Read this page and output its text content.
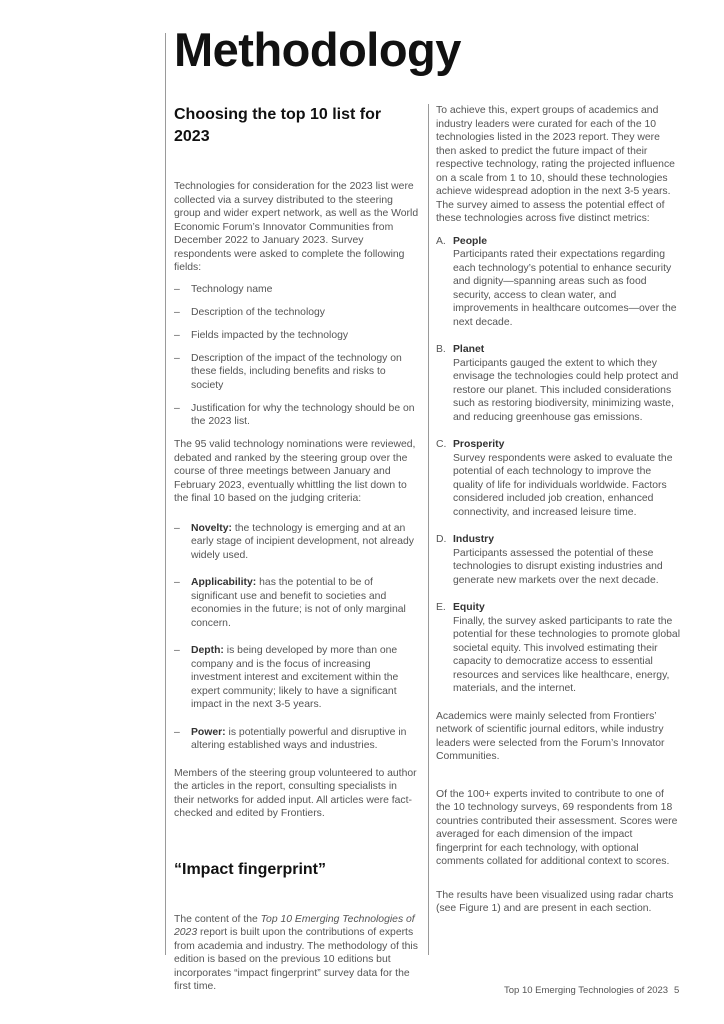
Methodology
Choosing the top 10 list for 2023

Technologies for consideration for the 2023 list were collected via a survey distributed to the steering group and wider expert network, as well as the World Economic Forum’s Innovator Communities from December 2022 to January 2023. Survey respondents were asked to complete the following fields:

– Technology name
– Description of the technology
– Fields impacted by the technology
– Description of the impact of the technology on these fields, including benefits and risks to society
– Justification for why the technology should be on the 2023 list.

The 95 valid technology nominations were reviewed, debated and ranked by the steering group over the course of three meetings between January and February 2023, eventually whittling the list down to the final 10 based on the judging criteria:

– Novelty: the technology is emerging and at an early stage of incipient development, not already widely used.
– Applicability: has the potential to be of significant use and benefit to societies and economies in the future; is not of only marginal concern.
– Depth: is being developed by more than one company and is the focus of increasing investment interest and excitement within the expert community; likely to have a significant impact in the next 3-5 years.
– Power: is potentially powerful and disruptive in altering established ways and industries.

Members of the steering group volunteered to author the articles in the report, consulting specialists in their networks for added input. All articles were fact-checked and edited by Frontiers.

“Impact fingerprint”

The content of the Top 10 Emerging Technologies of 2023 report is built upon the contributions of experts from academia and industry. The methodology of this edition is based on the previous 10 editions but incorporates “impact fingerprint” survey data for the first time.

To achieve this, expert groups of academics and industry leaders were curated for each of the 10 technologies listed in the 2023 report. They were then asked to predict the future impact of their respective technology, rating the projected influence on a scale from 1 to 10, should these technologies achieve widespread adoption in the next 3-5 years. The survey aimed to assess the potential effect of these technologies across five distinct metrics:

A. People

Participants rated their expectations regarding each technology’s potential to enhance security and dignity—spanning areas such as food security, access to clean water, and improvements in healthcare outcomes—over the next decade.

B. Planet

Participants gauged the extent to which they envisage the technologies could help protect and restore our planet. This included considerations such as restoring biodiversity, minimizing waste, and reducing greenhouse gas emissions.

C. Prosperity

Survey respondents were asked to evaluate the potential of each technology to improve the quality of life for individuals worldwide. Factors considered included job creation, enhanced connectivity, and increased leisure time.

D. Industry

Participants assessed the potential of these technologies to disrupt existing industries and generate new markets over the next decade.

E. Equity

Finally, the survey asked participants to rate the potential for these technologies to promote global societal equity. This involved estimating their capacity to democratize access to essential resources and services like healthcare, energy, materials, and the internet.

Academics were mainly selected from Frontiers’ network of scientific journal editors, while industry leaders were selected from the Forum’s Innovator Communities.

Of the 100+ experts invited to contribute to one of the 10 technology surveys, 69 respondents from 18 countries contributed their assessment. Scores were averaged for each dimension of the impact fingerprint for each technology, with optional comments collated for additional context to scores.

The results have been visualized using radar charts (see Figure 1) and are present in each section.

Top 10 Emerging Technologies of 2023 5
